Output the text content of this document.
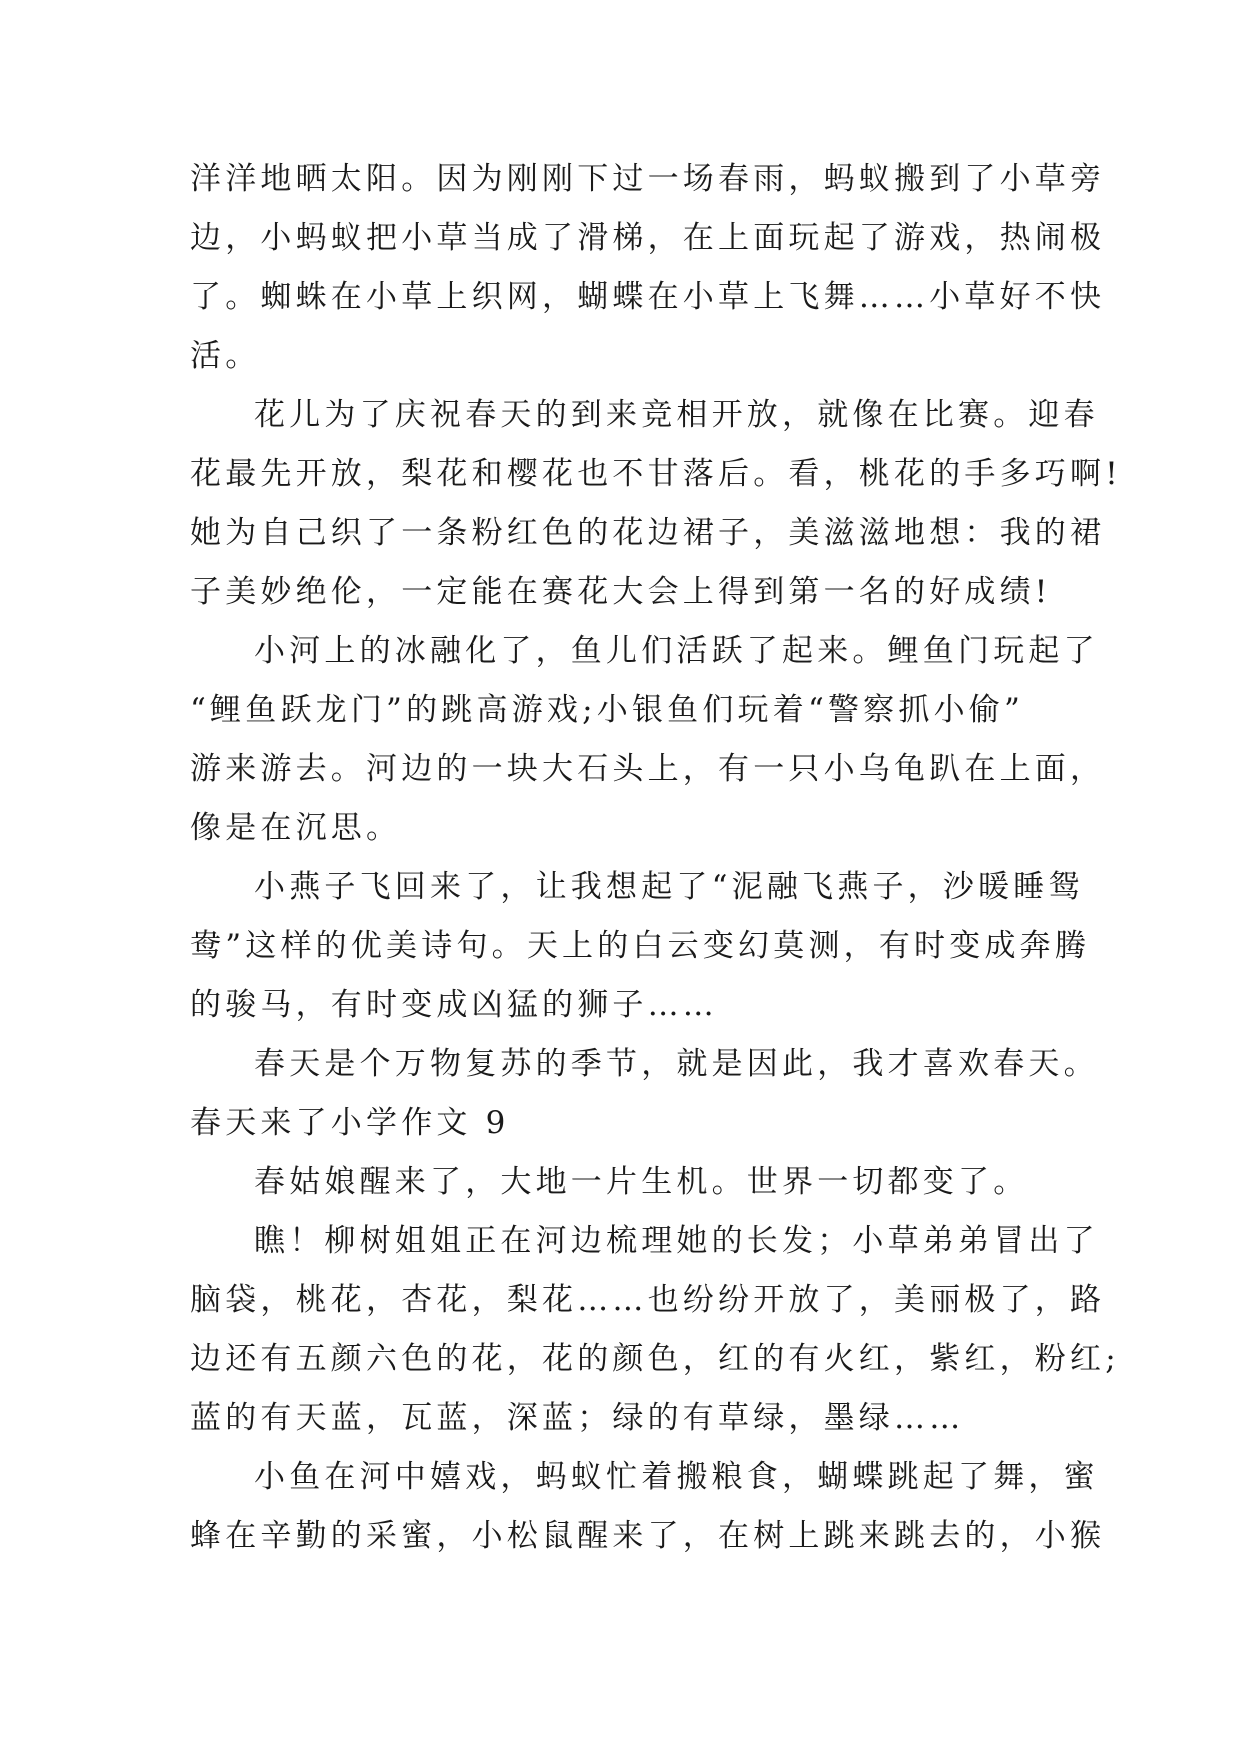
洋洋地晒太阳。因为刚刚下过一场春雨，蚂蚁搬到了小草旁

边，小蚂蚁把小草当成了滑梯，在上面玩起了游戏，热闹极

了。蜘蛛在小草上织网，蝴蝶在小草上飞舞……小草好不快

活。

花儿为了庆祝春天的到来竞相开放，就像在比赛。迎春

花最先开放，梨花和樱花也不甘落后。看，桃花的手多巧啊!

她为自己织了一条粉红色的花边裙子，美滋滋地想：我的裙

子美妙绝伦，一定能在赛花大会上得到第一名的好成绩!

小河上的冰融化了，鱼儿们活跃了起来。鲤鱼门玩起了

“鲤鱼跃龙门”的跳高游戏;小银鱼们玩着“警察抓小偷”

游来游去。河边的一块大石头上，有一只小乌龟趴在上面，

像是在沉思。

小燕子飞回来了，让我想起了“泥融飞燕子，沙暖睡鸳

鸯”这样的优美诗句。天上的白云变幻莫测，有时变成奔腾

的骏马，有时变成凶猛的狮子……

春天是个万物复苏的季节，就是因此，我才喜欢春天。

春天来了小学作文 9

春姑娘醒来了，大地一片生机。世界一切都变了。

瞧！柳树姐姐正在河边梳理她的长发；小草弟弟冒出了

脑袋，桃花，杏花，梨花……也纷纷开放了，美丽极了，路

边还有五颜六色的花，花的颜色，红的有火红，紫红，粉红;

蓝的有天蓝，瓦蓝，深蓝；绿的有草绿，墨绿……

小鱼在河中嬉戏，蚂蚁忙着搬粮食，蝴蝶跳起了舞，蜜

蜂在辛勤的采蜜，小松鼠醒来了，在树上跳来跳去的，小猴
